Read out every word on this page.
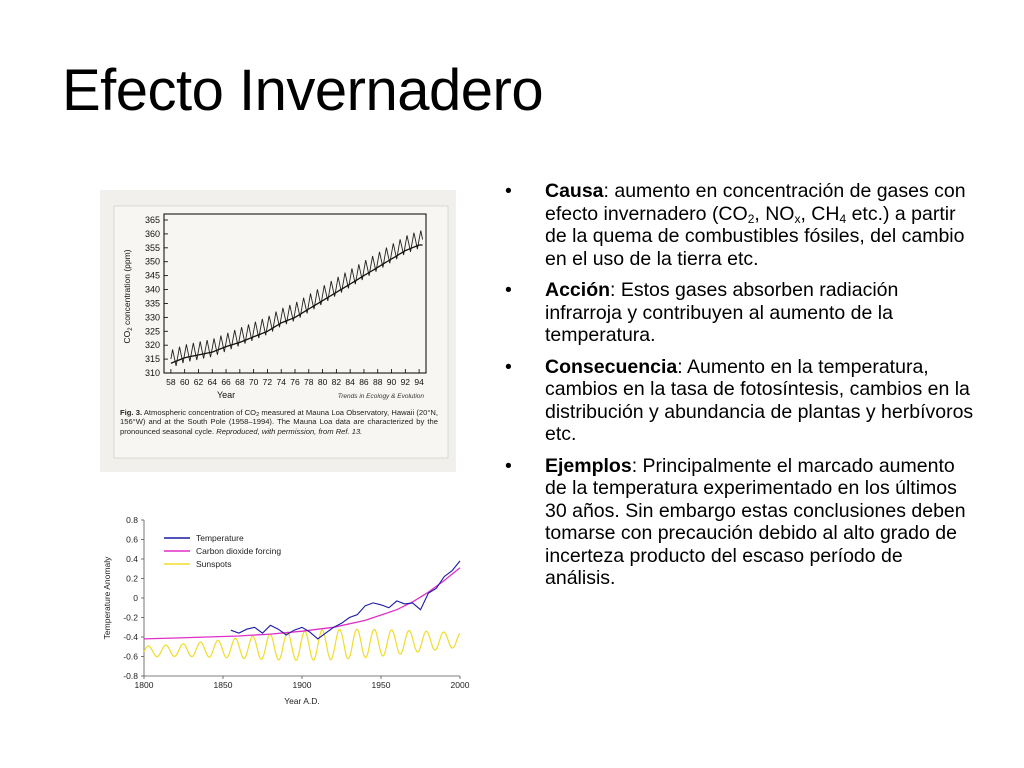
Efecto Invernadero
365
360
355
350
345
340
335
330
325
320
315
310
58 60 62 64 66 68 70 72 74 76 78 80 82 84 86 88 90 92 94
Year	Trends in Ecology & Evolution
$CO_2$ concentration (ppm)
Fig. 3. Atmospheric concentration of $CO_2$ measured at Mauna Loa Observatory, Hawaii (20°N, 156°W) and at the South Pole (1958–1994). The Mauna Loa data are characterized by the pronounced seasonal cycle. Reproduced, with permission, from Ref. 13.
0.8
0.6
0.4
0.2
0
-0.2
-0.4
-0.6
-0.8
1800	1850	1900	1950	2000
Year A.D.
Temperature Anomaly
Temperature
Carbon dioxide forcing
Sunspots
• Causa: aumento en concentración de gases con efecto invernadero ($CO_2$, $NO_x$, $CH_4$ etc.) a partir de la quema de combustibles fósiles, del cambio en el uso de la tierra etc.
• Acción: Estos gases absorben radiación infrarroja y contribuyen al aumento de la temperatura.
• Consecuencia: Aumento en la temperatura, cambios en la tasa de fotosíntesis, cambios en la distribución y abundancia de plantas y herbívoros etc.
• Ejemplos: Principalmente el marcado aumento de la temperatura experimentado en los últimos 30 años. Sin embargo estas conclusiones deben tomarse con precaución debido al alto grado de incerteza producto del escaso período de análisis.
